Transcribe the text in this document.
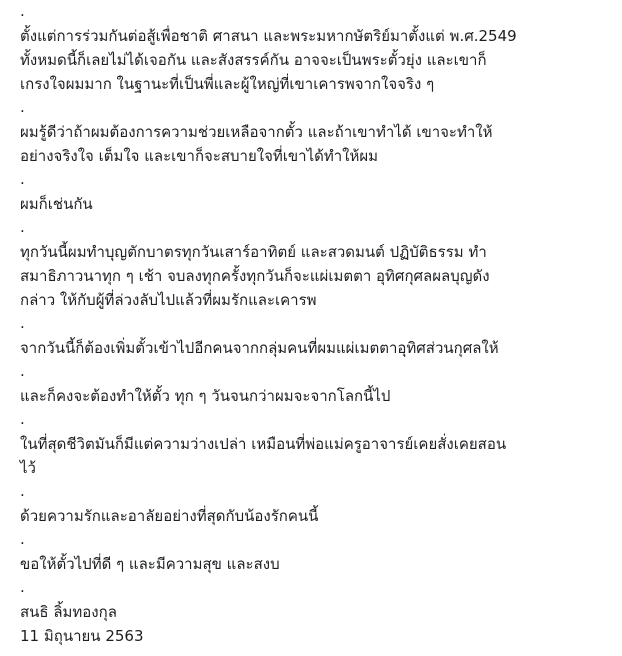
.
ตั้งแต่การร่วมกันต่อสู้เพื่อชาติ ศาสนา และพระมหากษัตริย์มาตั้งแต่ พ.ศ.2549
ทั้งหมดนี้ก็เลยไม่ได้เจอกัน และสังสรรค์กัน อาจจะเป็นพระตั้วยุ่ง และเขาก็
เกรงใจผมมาก ในฐานะที่เป็นพี่และผู้ใหญ่ที่เขาเคารพจากใจจริง ๆ
.
ผมรู้ดีว่าถ้าผมต้องการความช่วยเหลือจากตั้ว และถ้าเขาทำได้ เขาจะทำให้
อย่างจริงใจ เต็มใจ และเขาก็จะสบายใจที่เขาได้ทำให้ผม
.
ผมก็เช่นกัน
.
ทุกวันนี้ผมทำบุญตักบาตรทุกวันเสาร์อาทิตย์ และสวดมนต์ ปฏิบัติธรรม ทำ
สมาธิภาวนาทุก ๆ เช้า จบลงทุกครั้งทุกวันก็จะแผ่เมตตา อุทิศกุศลผลบุญดัง
กล่าว ให้กับผู้ที่ล่วงลับไปแล้วที่ผมรักและเคารพ
.
จากวันนี้ก็ต้องเพิ่มตั้วเข้าไปอีกคนจากกลุ่มคนที่ผมแผ่เมตตาอุทิศส่วนกุศลให้
.
และก็คงจะต้องทำให้ตั้ว ทุก ๆ วันจนกว่าผมจะจากโลกนี้ไป
.
ในที่สุดชีวิตมันก็มีแต่ความว่างเปล่า เหมือนที่พ่อแม่ครูอาจารย์เคยสั่งเคยสอน
ไว้
.
ด้วยความรักและอาลัยอย่างที่สุดกับน้องรักคนนี้
.
ขอให้ตั้วไปที่ดี ๆ และมีความสุข และสงบ
.
สนธิ ลิ้มทองกุล
11 มิถุนายน 2563
